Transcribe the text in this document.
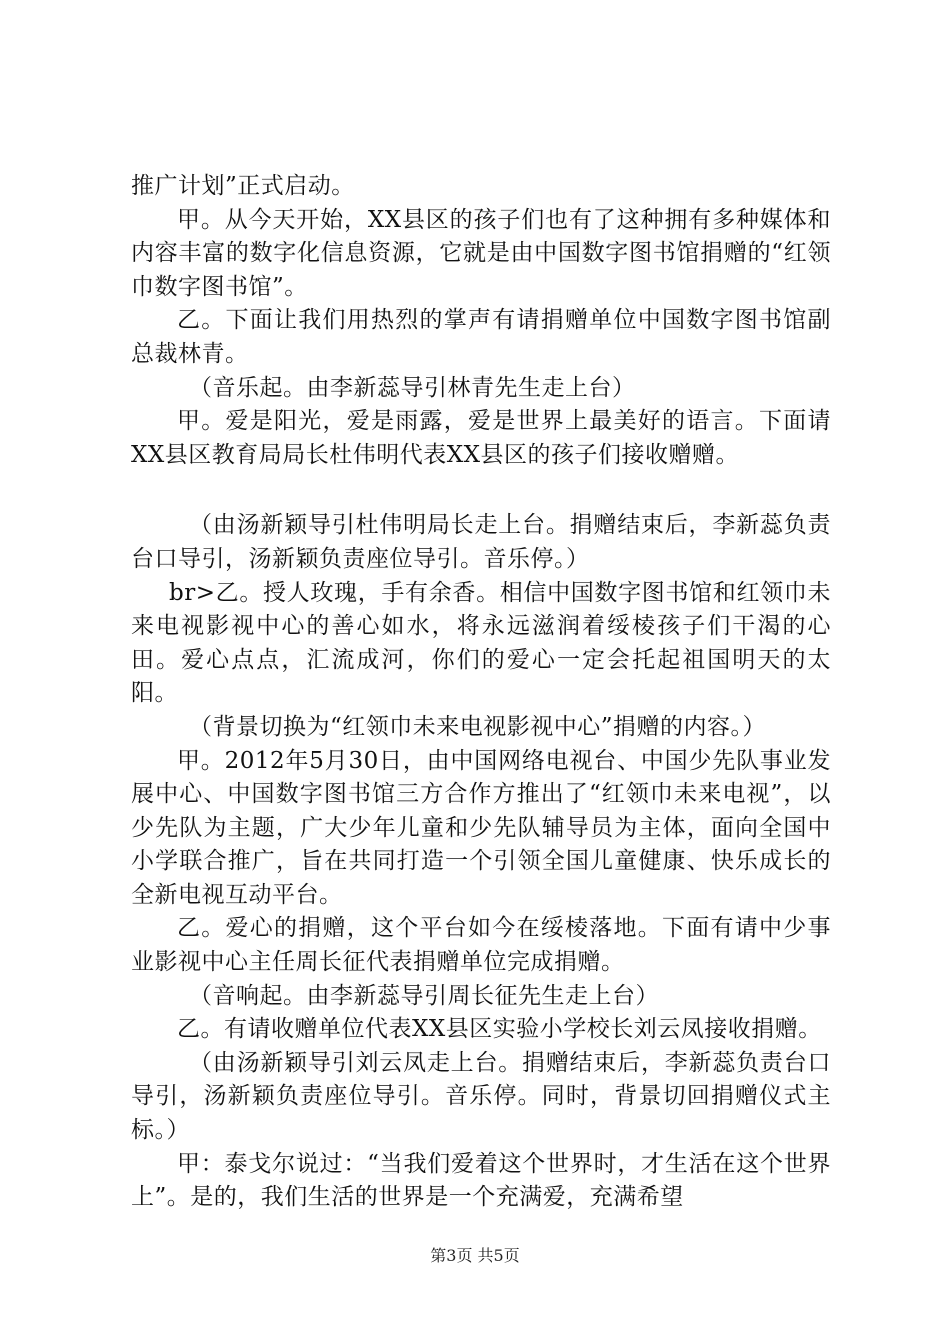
推广计划”正式启动。

甲。从今天开始，XX县区的孩子们也有了这种拥有多种媒体和内容丰富的数字化信息资源，它就是由中国数字图书馆捐赠的“红领巾数字图书馆”。

乙。下面让我们用热烈的掌声有请捐赠单位中国数字图书馆副总裁林青。

（音乐起。由李新蕊导引林青先生走上台）

甲。爱是阳光，爱是雨露，爱是世界上最美好的语言。下面请XX县区教育局局长杜伟明代表XX县区的孩子们接收赠赠。

（由汤新颖导引杜伟明局长走上台。捐赠结束后，李新蕊负责台口导引，汤新颖负责座位导引。音乐停。）

br>乙。授人玫瑰，手有余香。相信中国数字图书馆和红领巾未来电视影视中心的善心如水，将永远滋润着绥棱孩子们干渴的心田。爱心点点，汇流成河，你们的爱心一定会托起祖国明天的太阳。

（背景切换为“红领巾未来电视影视中心”捐赠的内容。）

甲。2012年5月30日，由中国网络电视台、中国少先队事业发展中心、中国数字图书馆三方合作方推出了“红领巾未来电视”，以少先队为主题，广大少年儿童和少先队辅导员为主体，面向全国中小学联合推广，旨在共同打造一个引领全国儿童健康、快乐成长的全新电视互动平台。

乙。爱心的捐赠，这个平台如今在绥棱落地。下面有请中少事业影视中心主任周长征代表捐赠单位完成捐赠。

（音响起。由李新蕊导引周长征先生走上台）

乙。有请收赠单位代表XX县区实验小学校长刘云凤接收捐赠。

（由汤新颖导引刘云凤走上台。捐赠结束后，李新蕊负责台口导引，汤新颖负责座位导引。音乐停。同时，背景切回捐赠仪式主标。）

甲：泰戈尔说过：“当我们爱着这个世界时，才生活在这个世界上”。是的，我们生活的世界是一个充满爱，充满希望

第3页 共5页
